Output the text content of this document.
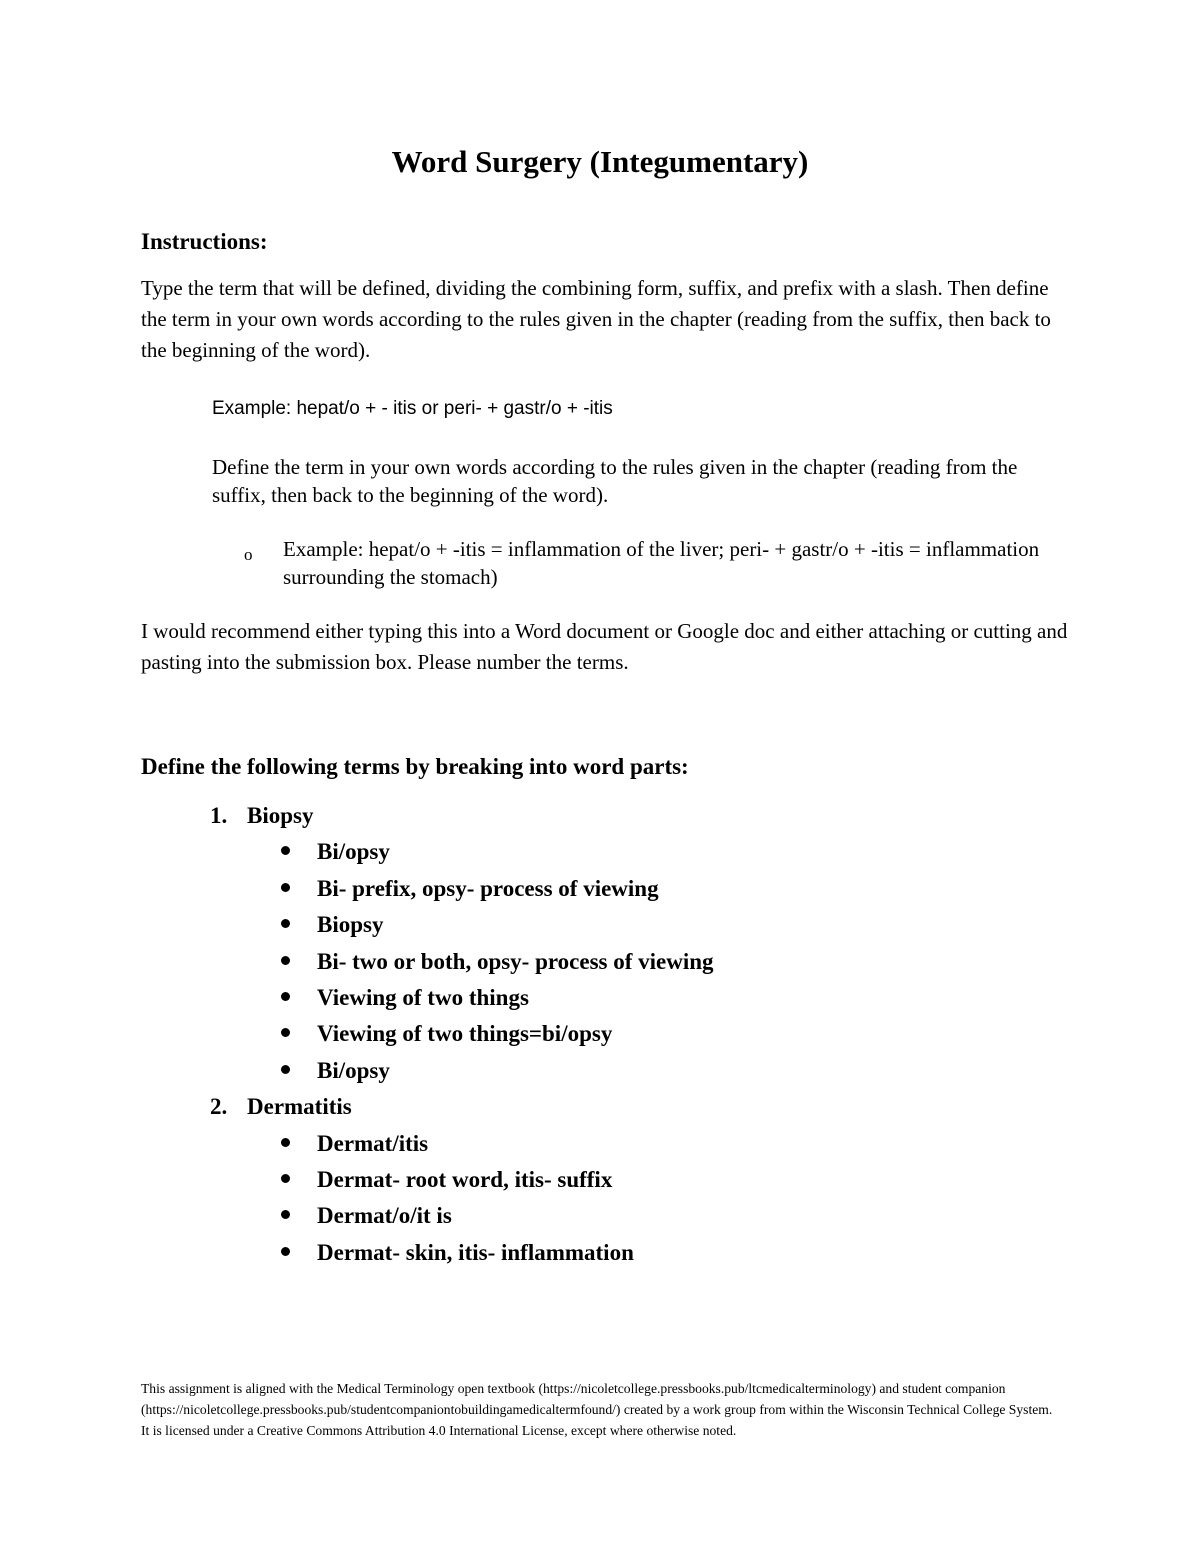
Word Surgery (Integumentary)
Instructions:

Type the term that will be defined, dividing the combining form, suffix, and prefix with a slash. Then define the term in your own words according to the rules given in the chapter (reading from the suffix, then back to the beginning of the word).

Example: hepat/o + - itis or peri- + gastr/o + -itis

Define the term in your own words according to the rules given in the chapter (reading from the suffix, then back to the beginning of the word).

o Example: hepat/o + -itis = inflammation of the liver; peri- + gastr/o + -itis = inflammation surrounding the stomach)

I would recommend either typing this into a Word document or Google doc and either attaching or cutting and pasting into the submission box. Please number the terms.

Define the following terms by breaking into word parts:
1. Biopsy
Bi/opsy
Bi- prefix, opsy- process of viewing
Biopsy
Bi- two or both, opsy- process of viewing
Viewing of two things
Viewing of two things=bi/opsy
Bi/opsy
2. Dermatitis
Dermat/itis
Dermat- root word, itis- suffix
Dermat/o/it is
Dermat- skin, itis- inflammation

This assignment is aligned with the Medical Terminology open textbook (https://nicoletcollege.pressbooks.pub/ltcmedicalterminology) and student companion (https://nicoletcollege.pressbooks.pub/studentcompaniontobuildingamedicaltermfound/) created by a work group from within the Wisconsin Technical College System. It is licensed under a Creative Commons Attribution 4.0 International License, except where otherwise noted.
